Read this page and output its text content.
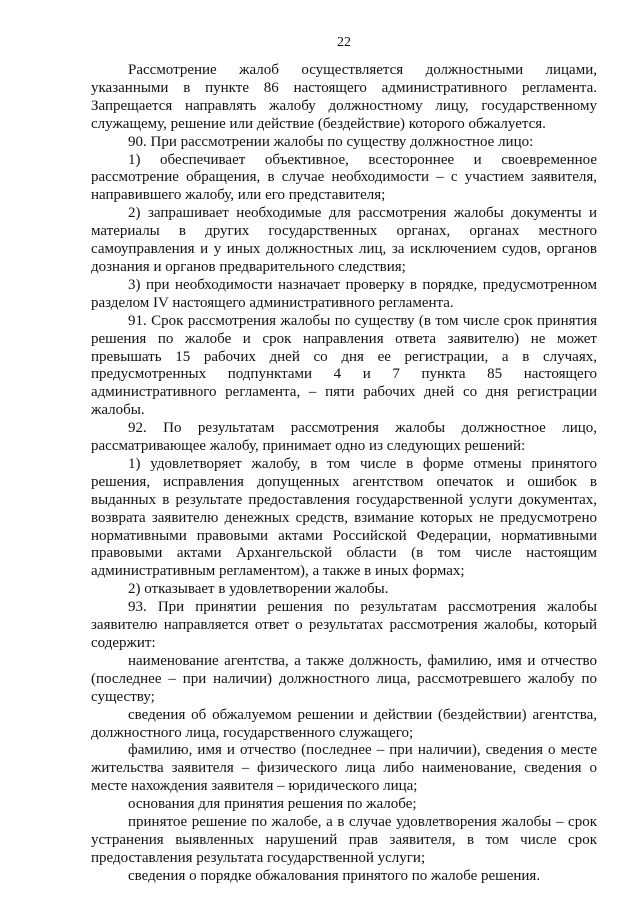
22

Рассмотрение жалоб осуществляется должностными лицами, указанными в пункте 86 настоящего административного регламента. Запрещается направлять жалобу должностному лицу, государственному служащему, решение или действие (бездействие) которого обжалуется.

90. При рассмотрении жалобы по существу должностное лицо:

1) обеспечивает объективное, всестороннее и своевременное рассмотрение обращения, в случае необходимости – с участием заявителя, направившего жалобу, или его представителя;

2) запрашивает необходимые для рассмотрения жалобы документы и материалы в других государственных органах, органах местного самоуправления и у иных должностных лиц, за исключением судов, органов дознания и органов предварительного следствия;

3) при необходимости назначает проверку в порядке, предусмотренном разделом IV настоящего административного регламента.

91. Срок рассмотрения жалобы по существу (в том числе срок принятия решения по жалобе и срок направления ответа заявителю) не может превышать 15 рабочих дней со дня ее регистрации, а в случаях, предусмотренных подпунктами 4 и 7 пункта 85 настоящего административного регламента, – пяти рабочих дней со дня регистрации жалобы.

92. По результатам рассмотрения жалобы должностное лицо, рассматривающее жалобу, принимает одно из следующих решений:

1) удовлетворяет жалобу, в том числе в форме отмены принятого решения, исправления допущенных агентством опечаток и ошибок в выданных в результате предоставления государственной услуги документах, возврата заявителю денежных средств, взимание которых не предусмотрено нормативными правовыми актами Российской Федерации, нормативными правовыми актами Архангельской области (в том числе настоящим административным регламентом), а также в иных формах;

2) отказывает в удовлетворении жалобы.

93. При принятии решения по результатам рассмотрения жалобы заявителю направляется ответ о результатах рассмотрения жалобы, который содержит:

наименование агентства, а также должность, фамилию, имя и отчество (последнее – при наличии) должностного лица, рассмотревшего жалобу по существу;

сведения об обжалуемом решении и действии (бездействии) агентства, должностного лица, государственного служащего;

фамилию, имя и отчество (последнее – при наличии), сведения о месте жительства заявителя – физического лица либо наименование, сведения о месте нахождения заявителя – юридического лица;

основания для принятия решения по жалобе;

принятое решение по жалобе, а в случае удовлетворения жалобы – срок устранения выявленных нарушений прав заявителя, в том числе срок предоставления результата государственной услуги;

сведения о порядке обжалования принятого по жалобе решения.
